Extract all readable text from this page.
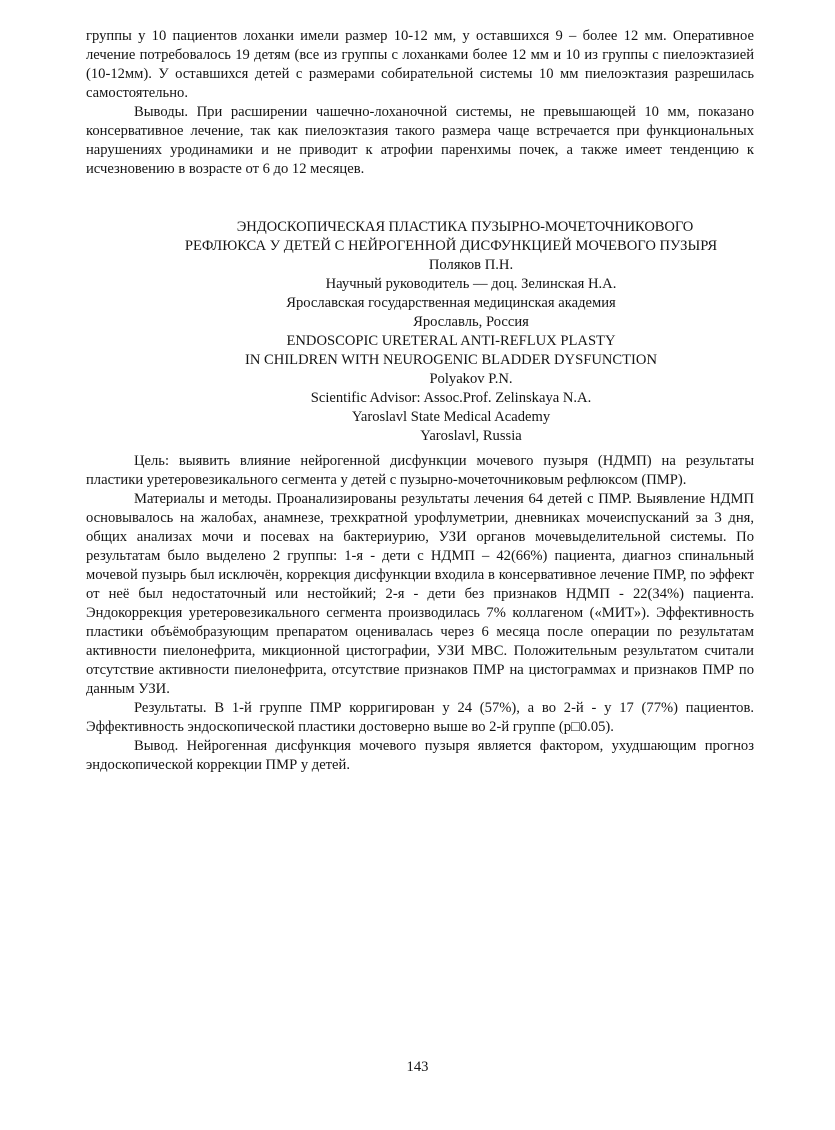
группы у 10 пациентов лоханки имели размер 10-12 мм, у оставшихся 9 – более 12 мм. Оперативное лечение потребовалось 19 детям (все из группы с лоханками более 12 мм и 10 из группы с пиелоэктазией (10-12мм). У оставшихся детей с размерами собирательной системы 10 мм пиелоэктазия разрешилась самостоятельно.

Выводы. При расширении чашечно-лоханочной системы, не превышающей 10 мм, показано консервативное лечение, так как пиелоэктазия такого размера чаще встречается при функциональных нарушениях уродинамики и не приводит к атрофии паренхимы почек, а также имеет тенденцию к исчезновению в возрасте от 6 до 12 месяцев.

ЭНДОСКОПИЧЕСКАЯ ПЛАСТИКА ПУЗЫРНО-МОЧЕТОЧНИКОВОГО
РЕФЛЮКСА У ДЕТЕЙ С НЕЙРОГЕННОЙ ДИСФУНКЦИЕЙ МОЧЕВОГО ПУЗЫРЯ
Поляков П.Н.
Научный руководитель — доц. Зелинская Н.А.
Ярославская государственная медицинская академия
Ярославль, Россия
ENDOSCOPIC URETERAL ANTI-REFLUX PLASTY
IN CHILDREN WITH NEUROGENIC BLADDER DYSFUNCTION
Polyakov P.N.
Scientific Advisor: Assoc.Prof. Zelinskaya N.A.
Yaroslavl State Medical Academy
Yaroslavl, Russia

Цель: выявить влияние нейрогенной дисфункции мочевого пузыря (НДМП) на результаты пластики уретеровезикального сегмента у детей с пузырно-мочеточниковым рефлюксом (ПМР).

Материалы и методы. Проанализированы результаты лечения 64 детей с ПМР. Выявление НДМП основывалось на жалобах, анамнезе, трехкратной урофлуметрии, дневниках мочеиспусканий за 3 дня, общих анализах мочи и посевах на бактериурию, УЗИ органов мочевыделительной системы. По результатам было выделено 2 группы: 1-я - дети с НДМП – 42(66%) пациента, диагноз спинальный мочевой пузырь был исключён, коррекция дисфункции входила в консервативное лечение ПМР, по эффект от неё был недостаточный или нестойкий; 2-я - дети без признаков НДМП - 22(34%) пациента. Эндокоррекция уретеровезикального сегмента производилась 7% коллагеном («МИТ»). Эффективность пластики объёмобразующим препаратом оценивалась через 6 месяца после операции по результатам активности пиелонефрита, микционной цистографии, УЗИ МВС. Положительным результатом считали отсутствие активности пиелонефрита, отсутствие признаков ПМР на цистограммах и признаков ПМР по данным УЗИ.

Результаты. В 1-й группе ПМР корригирован у 24 (57%), а во 2-й - у 17 (77%) пациентов. Эффективность эндоскопической пластики достоверно выше во 2-й группе (p□0.05).

Вывод. Нейрогенная дисфункция мочевого пузыря является фактором, ухудшающим прогноз эндоскопической коррекции ПМР у детей.

143
